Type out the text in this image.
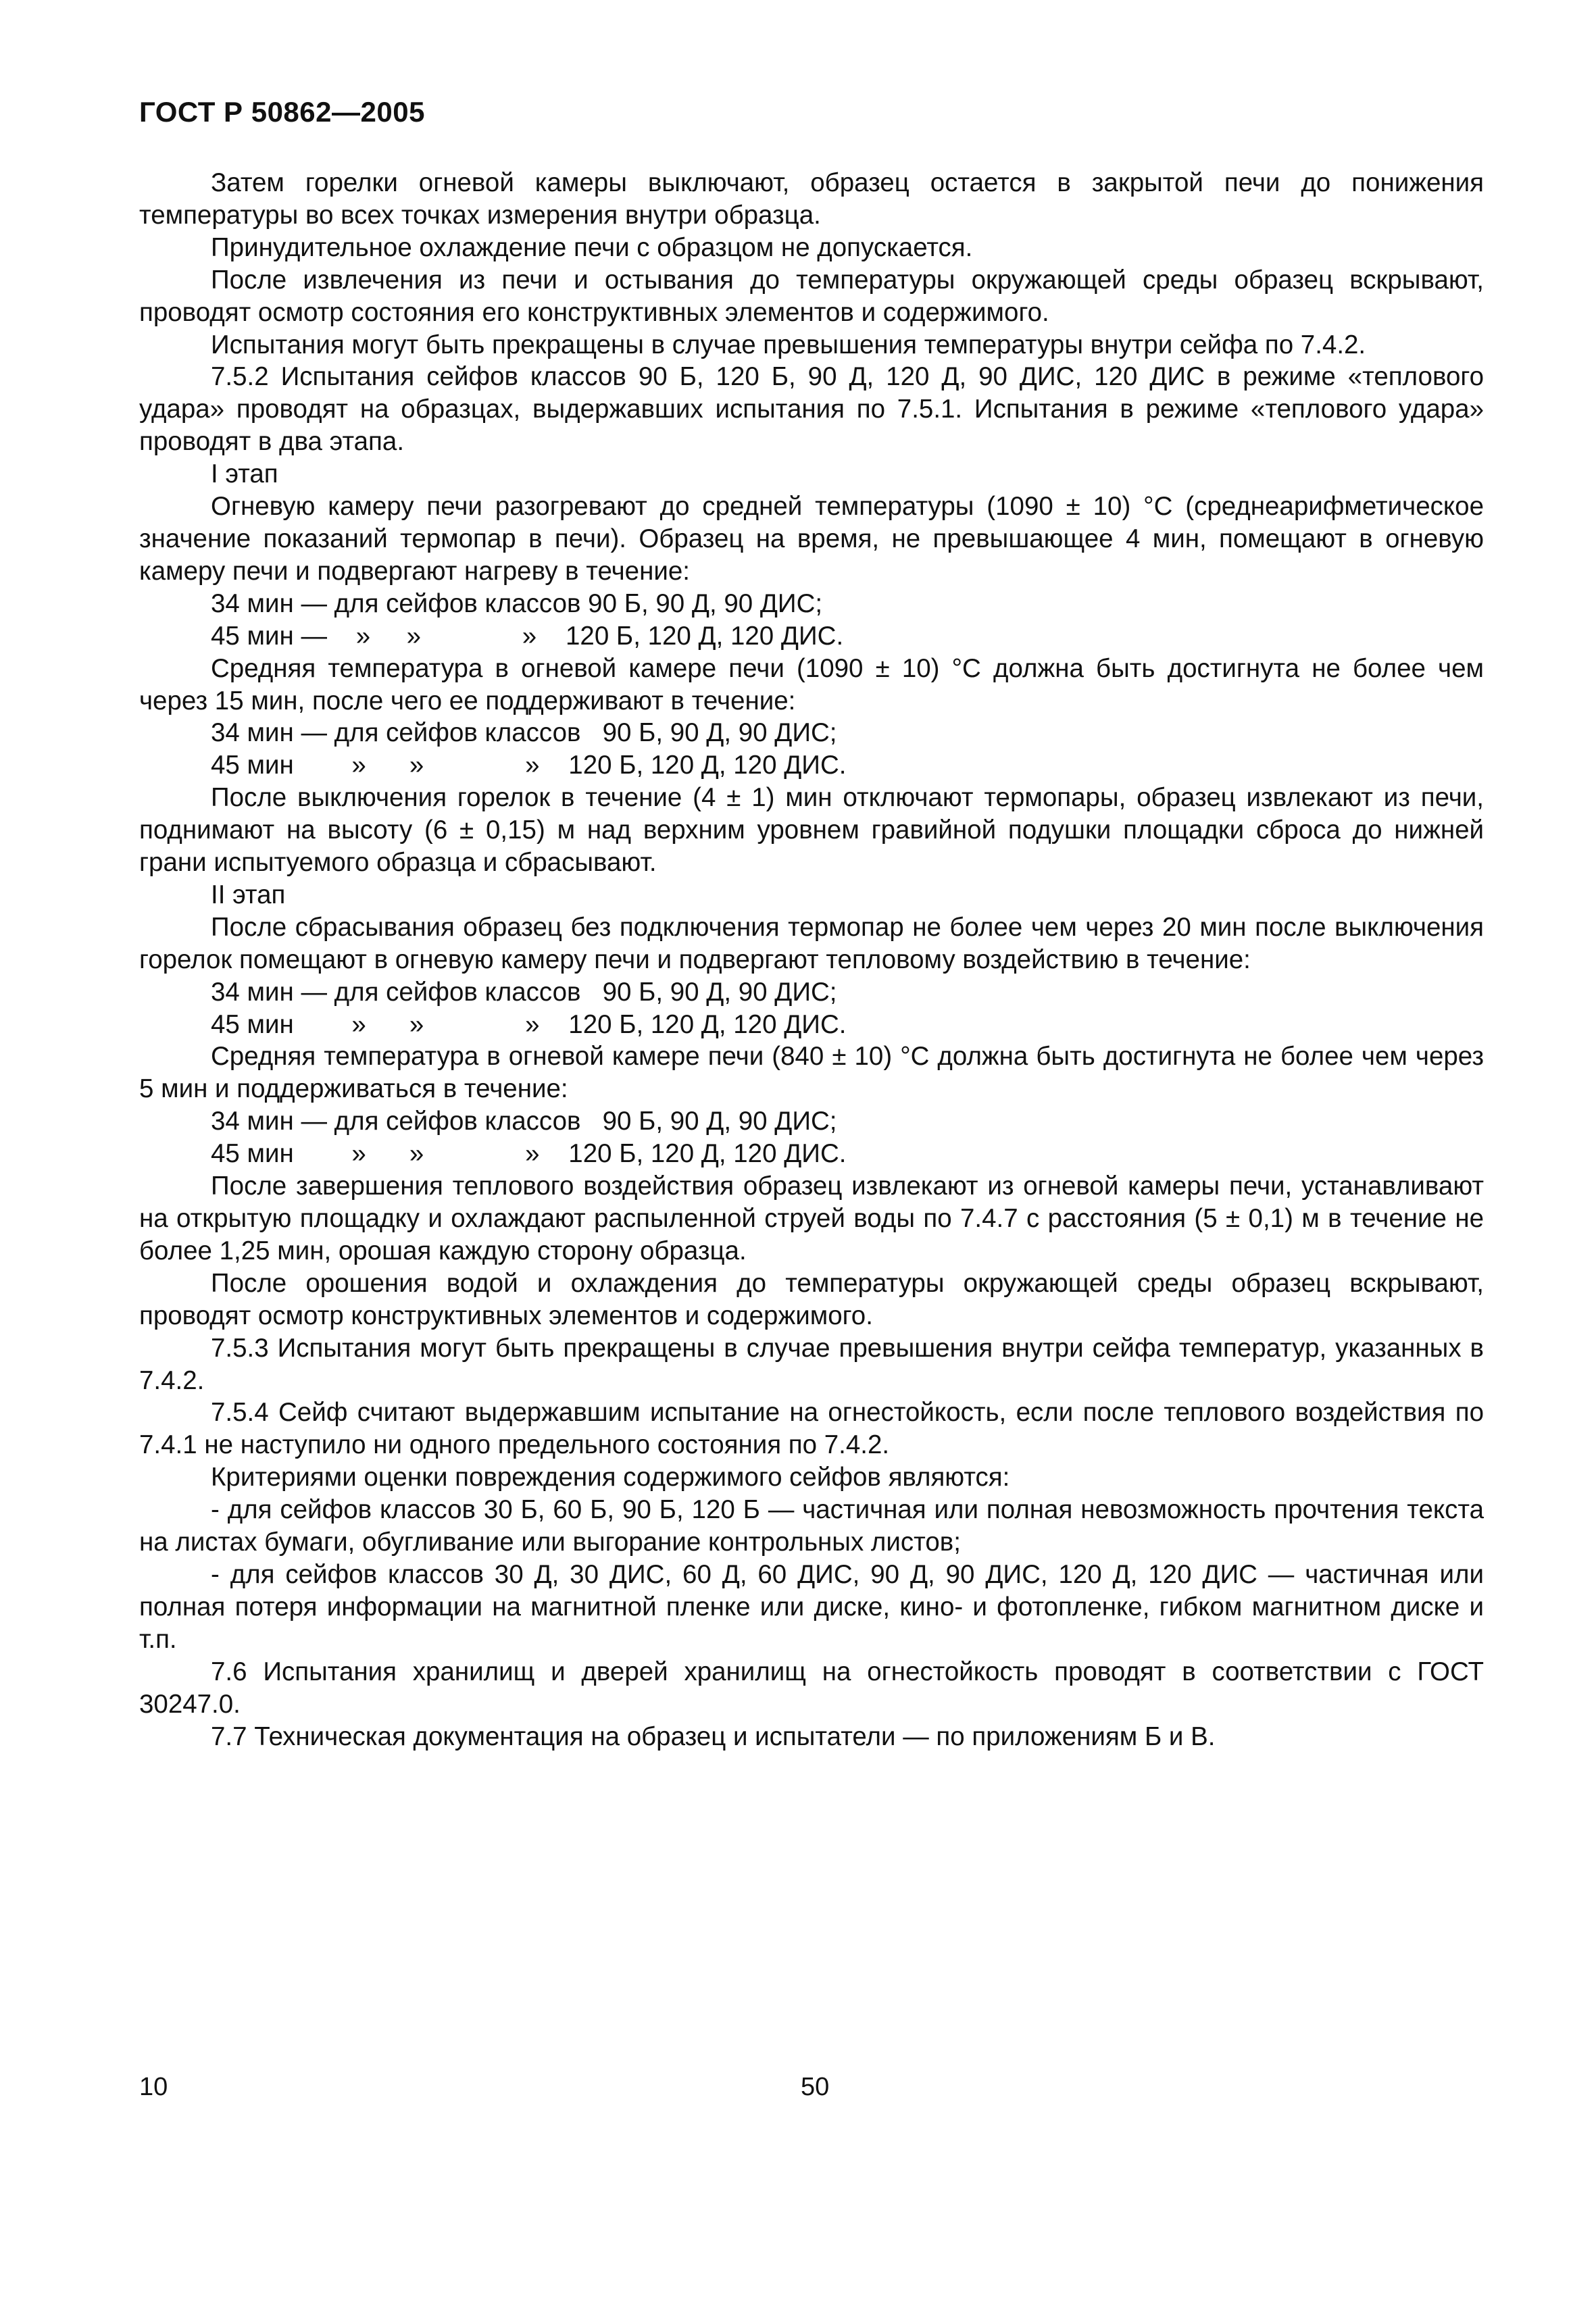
ГОСТ Р 50862—2005

Затем горелки огневой камеры выключают, образец остается в закрытой печи до понижения температуры во всех точках измерения внутри образца.

Принудительное охлаждение печи с образцом не допускается.

После извлечения из печи и остывания до температуры окружающей среды образец вскрывают, проводят осмотр состояния его конструктивных элементов и содержимого.

Испытания могут быть прекращены в случае превышения температуры внутри сейфа по 7.4.2.

7.5.2 Испытания сейфов классов 90 Б, 120 Б, 90 Д, 120 Д, 90 ДИС, 120 ДИС в режиме «теплового удара» проводят на образцах, выдержавших испытания по 7.5.1. Испытания в режиме «теплового удара» проводят в два этапа.

I этап

Огневую камеру печи разогревают до средней температуры (1090 ± 10) °С (среднеарифметическое значение показаний термопар в печи). Образец на время, не превышающее 4 мин, помещают в огневую камеру печи и подвергают нагреву в течение:

34 мин — для сейфов классов 90 Б, 90 Д, 90 ДИС;

45 мин —    »     »              »    120 Б, 120 Д, 120 ДИС.

Средняя температура в огневой камере печи (1090 ± 10) °С должна быть достигнута не более чем через 15 мин, после чего ее поддерживают в течение:

34 мин — для сейфов классов   90 Б, 90 Д, 90 ДИС;

45 мин        »      »              »    120 Б, 120 Д, 120 ДИС.

После выключения горелок в течение (4 ± 1) мин отключают термопары, образец извлекают из печи, поднимают на высоту (6 ± 0,15) м над верхним уровнем гравийной подушки площадки сброса до нижней грани испытуемого образца и сбрасывают.

II этап

После сбрасывания образец без подключения термопар не более чем через 20 мин после выключения горелок помещают в огневую камеру печи и подвергают тепловому воздействию в течение:

34 мин — для сейфов классов   90 Б, 90 Д, 90 ДИС;

45 мин        »      »              »    120 Б, 120 Д, 120 ДИС.

Средняя температура в огневой камере печи (840 ± 10) °С должна быть достигнута не более чем через 5 мин и поддерживаться в течение:

34 мин — для сейфов классов   90 Б, 90 Д, 90 ДИС;

45 мин        »      »              »    120 Б, 120 Д, 120 ДИС.

После завершения теплового воздействия образец извлекают из огневой камеры печи, устанавливают на открытую площадку и охлаждают распыленной струей воды по 7.4.7 с расстояния (5 ± 0,1) м в течение не более 1,25 мин, орошая каждую сторону образца.

После орошения водой и охлаждения до температуры окружающей среды образец вскрывают, проводят осмотр конструктивных элементов и содержимого.

7.5.3 Испытания могут быть прекращены в случае превышения внутри сейфа температур, указанных в 7.4.2.

7.5.4 Сейф считают выдержавшим испытание на огнестойкость, если после теплового воздействия по 7.4.1 не наступило ни одного предельного состояния по 7.4.2.

Критериями оценки повреждения содержимого сейфов являются:

- для сейфов классов 30 Б, 60 Б, 90 Б, 120 Б — частичная или полная невозможность прочтения текста на листах бумаги, обугливание или выгорание контрольных листов;

- для сейфов классов 30 Д, 30 ДИС, 60 Д, 60 ДИС, 90 Д, 90 ДИС, 120 Д, 120 ДИС — частичная или полная потеря информации на магнитной пленке или диске, кино- и фотопленке, гибком магнитном диске и т.п.

7.6 Испытания хранилищ и дверей хранилищ на огнестойкость проводят в соответствии с ГОСТ 30247.0.

7.7 Техническая документация на образец и испытатели — по приложениям Б и В.

10	50
